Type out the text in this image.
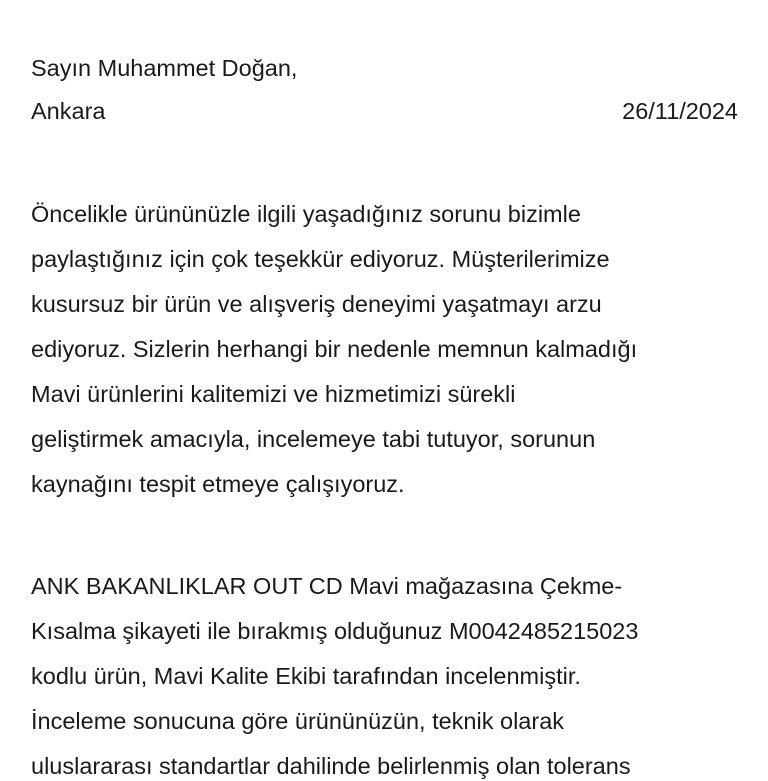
Sayın Muhammet Doğan,
Ankara	26/11/2024
Öncelikle ürününüzle ilgili yaşadığınız sorunu bizimle
paylaştığınız için çok teşekkür ediyoruz. Müşterilerimize
kusursuz bir ürün ve alışveriş deneyimi yaşatmayı arzu
ediyoruz. Sizlerin herhangi bir nedenle memnun kalmadığı
Mavi ürünlerini kalitemizi ve hizmetimizi sürekli
geliştirmek amacıyla, incelemeye tabi tutuyor, sorunun
kaynağını tespit etmeye çalışıyoruz.
ANK BAKANLIKLAR OUT CD Mavi mağazasına Çekme-
Kısalma şikayeti ile bırakmış olduğunuz M0042485215023
kodlu ürün, Mavi Kalite Ekibi tarafından incelenmiştir.
İnceleme sonucuna göre ürününüzün, teknik olarak
uluslararası standartlar dahilinde belirlenmiş olan tolerans
